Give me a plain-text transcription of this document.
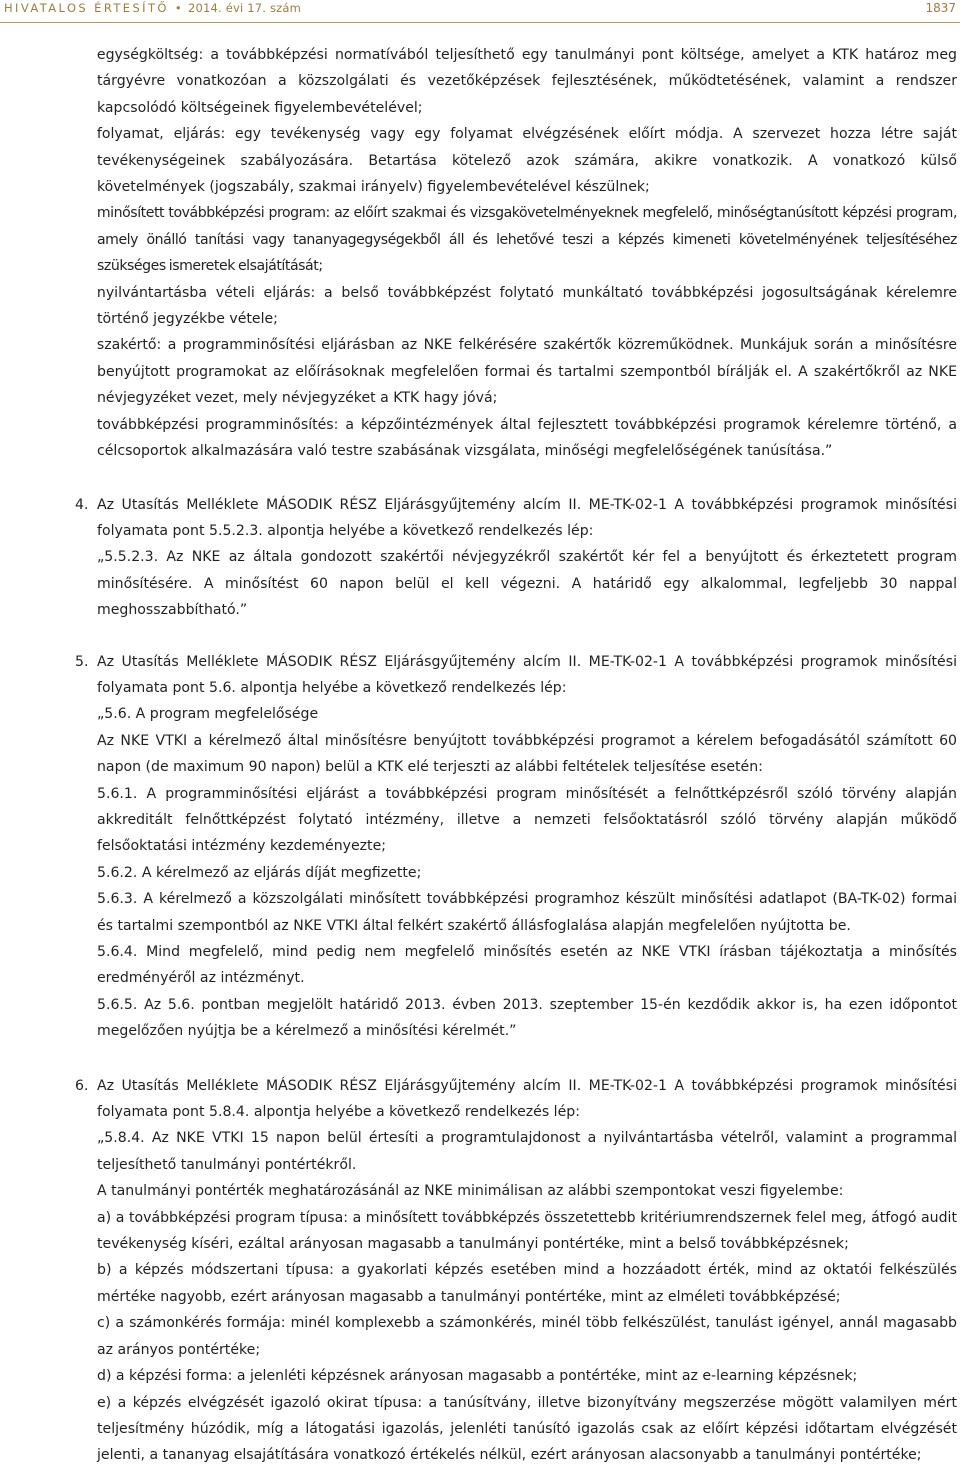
HIVATALOS ÉRTESÍTŐ • 2014. évi 17. szám	1837

egységköltség: a továbbképzési normatívából teljesíthető egy tanulmányi pont költsége, amelyet a KTK határoz meg tárgyévre vonatkozóan a közszolgálati és vezetőképzések fejlesztésének, működtetésének, valamint a rendszer kapcsolódó költségeinek figyelembevételével;

folyamat, eljárás: egy tevékenység vagy egy folyamat elvégzésének előírt módja. A szervezet hozza létre saját tevékenységeinek szabályozására. Betartása kötelező azok számára, akikre vonatkozik. A vonatkozó külső követelmények (jogszabály, szakmai irányelv) figyelembevételével készülnek;

minősített továbbképzési program: az előírt szakmai és vizsgakövetelményeknek megfelelő, minőségtanúsított képzési program, amely önálló tanítási vagy tananyagegységekből áll és lehetővé teszi a képzés kimeneti követelményének teljesítéséhez szükséges ismeretek elsajátítását;

nyilvántartásba vételi eljárás: a belső továbbképzést folytató munkáltató továbbképzési jogosultságának kérelemre történő jegyzékbe vétele;

szakértő: a programminősítési eljárásban az NKE felkérésére szakértők közreműködnek. Munkájuk során a minősítésre benyújtott programokat az előírásoknak megfelelően formai és tartalmi szempontból bírálják el. A szakértőkről az NKE névjegyzéket vezet, mely névjegyzéket a KTK hagy jóvá;

továbbképzési programminősítés: a képzőintézmények által fejlesztett továbbképzési programok kérelemre történő, a célcsoportok alkalmazására való testre szabásának vizsgálata, minőségi megfelelőségének tanúsítása.”

4. Az Utasítás Melléklete MÁSODIK RÉSZ Eljárásgyűjtemény alcím II. ME-TK-02-1 A továbbképzési programok minősítési folyamata pont 5.5.2.3. alpontja helyébe a következő rendelkezés lép:

„5.5.2.3. Az NKE az általa gondozott szakértői névjegyzékről szakértőt kér fel a benyújtott és érkeztetett program minősítésére. A minősítést 60 napon belül el kell végezni. A határidő egy alkalommal, legfeljebb 30 nappal meghosszabbítható.”

5. Az Utasítás Melléklete MÁSODIK RÉSZ Eljárásgyűjtemény alcím II. ME-TK-02-1 A továbbképzési programok minősítési folyamata pont 5.6. alpontja helyébe a következő rendelkezés lép:

„5.6. A program megfelelősége

Az NKE VTKI a kérelmező által minősítésre benyújtott továbbképzési programot a kérelem befogadásától számított 60 napon (de maximum 90 napon) belül a KTK elé terjeszti az alábbi feltételek teljesítése esetén:

5.6.1. A programminősítési eljárást a továbbképzési program minősítését a felnőttképzésről szóló törvény alapján akkreditált felnőttképzést folytató intézmény, illetve a nemzeti felsőoktatásról szóló törvény alapján működő felsőoktatási intézmény kezdeményezte;

5.6.2. A kérelmező az eljárás díját megfizette;

5.6.3. A kérelmező a közszolgálati minősített továbbképzési programhoz készült minősítési adatlapot (BA-TK-02) formai és tartalmi szempontból az NKE VTKI által felkért szakértő állásfoglalása alapján megfelelően nyújtotta be.

5.6.4. Mind megfelelő, mind pedig nem megfelelő minősítés esetén az NKE VTKI írásban tájékoztatja a minősítés eredményéről az intézményt.

5.6.5. Az 5.6. pontban megjelölt határidő 2013. évben 2013. szeptember 15-én kezdődik akkor is, ha ezen időpontot megelőzően nyújtja be a kérelmező a minősítési kérelmét.”

6. Az Utasítás Melléklete MÁSODIK RÉSZ Eljárásgyűjtemény alcím II. ME-TK-02-1 A továbbképzési programok minősítési folyamata pont 5.8.4. alpontja helyébe a következő rendelkezés lép:

„5.8.4. Az NKE VTKI 15 napon belül értesíti a programtulajdonost a nyilvántartásba vételről, valamint a programmal teljesíthető tanulmányi pontértékről.

A tanulmányi pontérték meghatározásánál az NKE minimálisan az alábbi szempontokat veszi figyelembe:

a) a továbbképzési program típusa: a minősített továbbképzés összetettebb kritériumrendszernek felel meg, átfogó audit tevékenység kíséri, ezáltal arányosan magasabb a tanulmányi pontértéke, mint a belső továbbképzésnek;

b) a képzés módszertani típusa: a gyakorlati képzés esetében mind a hozzáadott érték, mind az oktatói felkészülés mértéke nagyobb, ezért arányosan magasabb a tanulmányi pontértéke, mint az elméleti továbbképzésé;

c) a számonkérés formája: minél komplexebb a számonkérés, minél több felkészülést, tanulást igényel, annál magasabb az arányos pontértéke;

d) a képzési forma: a jelenléti képzésnek arányosan magasabb a pontértéke, mint az e-learning képzésnek;

e) a képzés elvégzését igazoló okirat típusa: a tanúsítvány, illetve bizonyítvány megszerzése mögött valamilyen mért teljesítmény húzódik, míg a látogatási igazolás, jelenléti tanúsító igazolás csak az előírt képzési időtartam elvégzését jelenti, a tananyag elsajátítására vonatkozó értékelés nélkül, ezért arányosan alacsonyabb a tanulmányi pontértéke;
